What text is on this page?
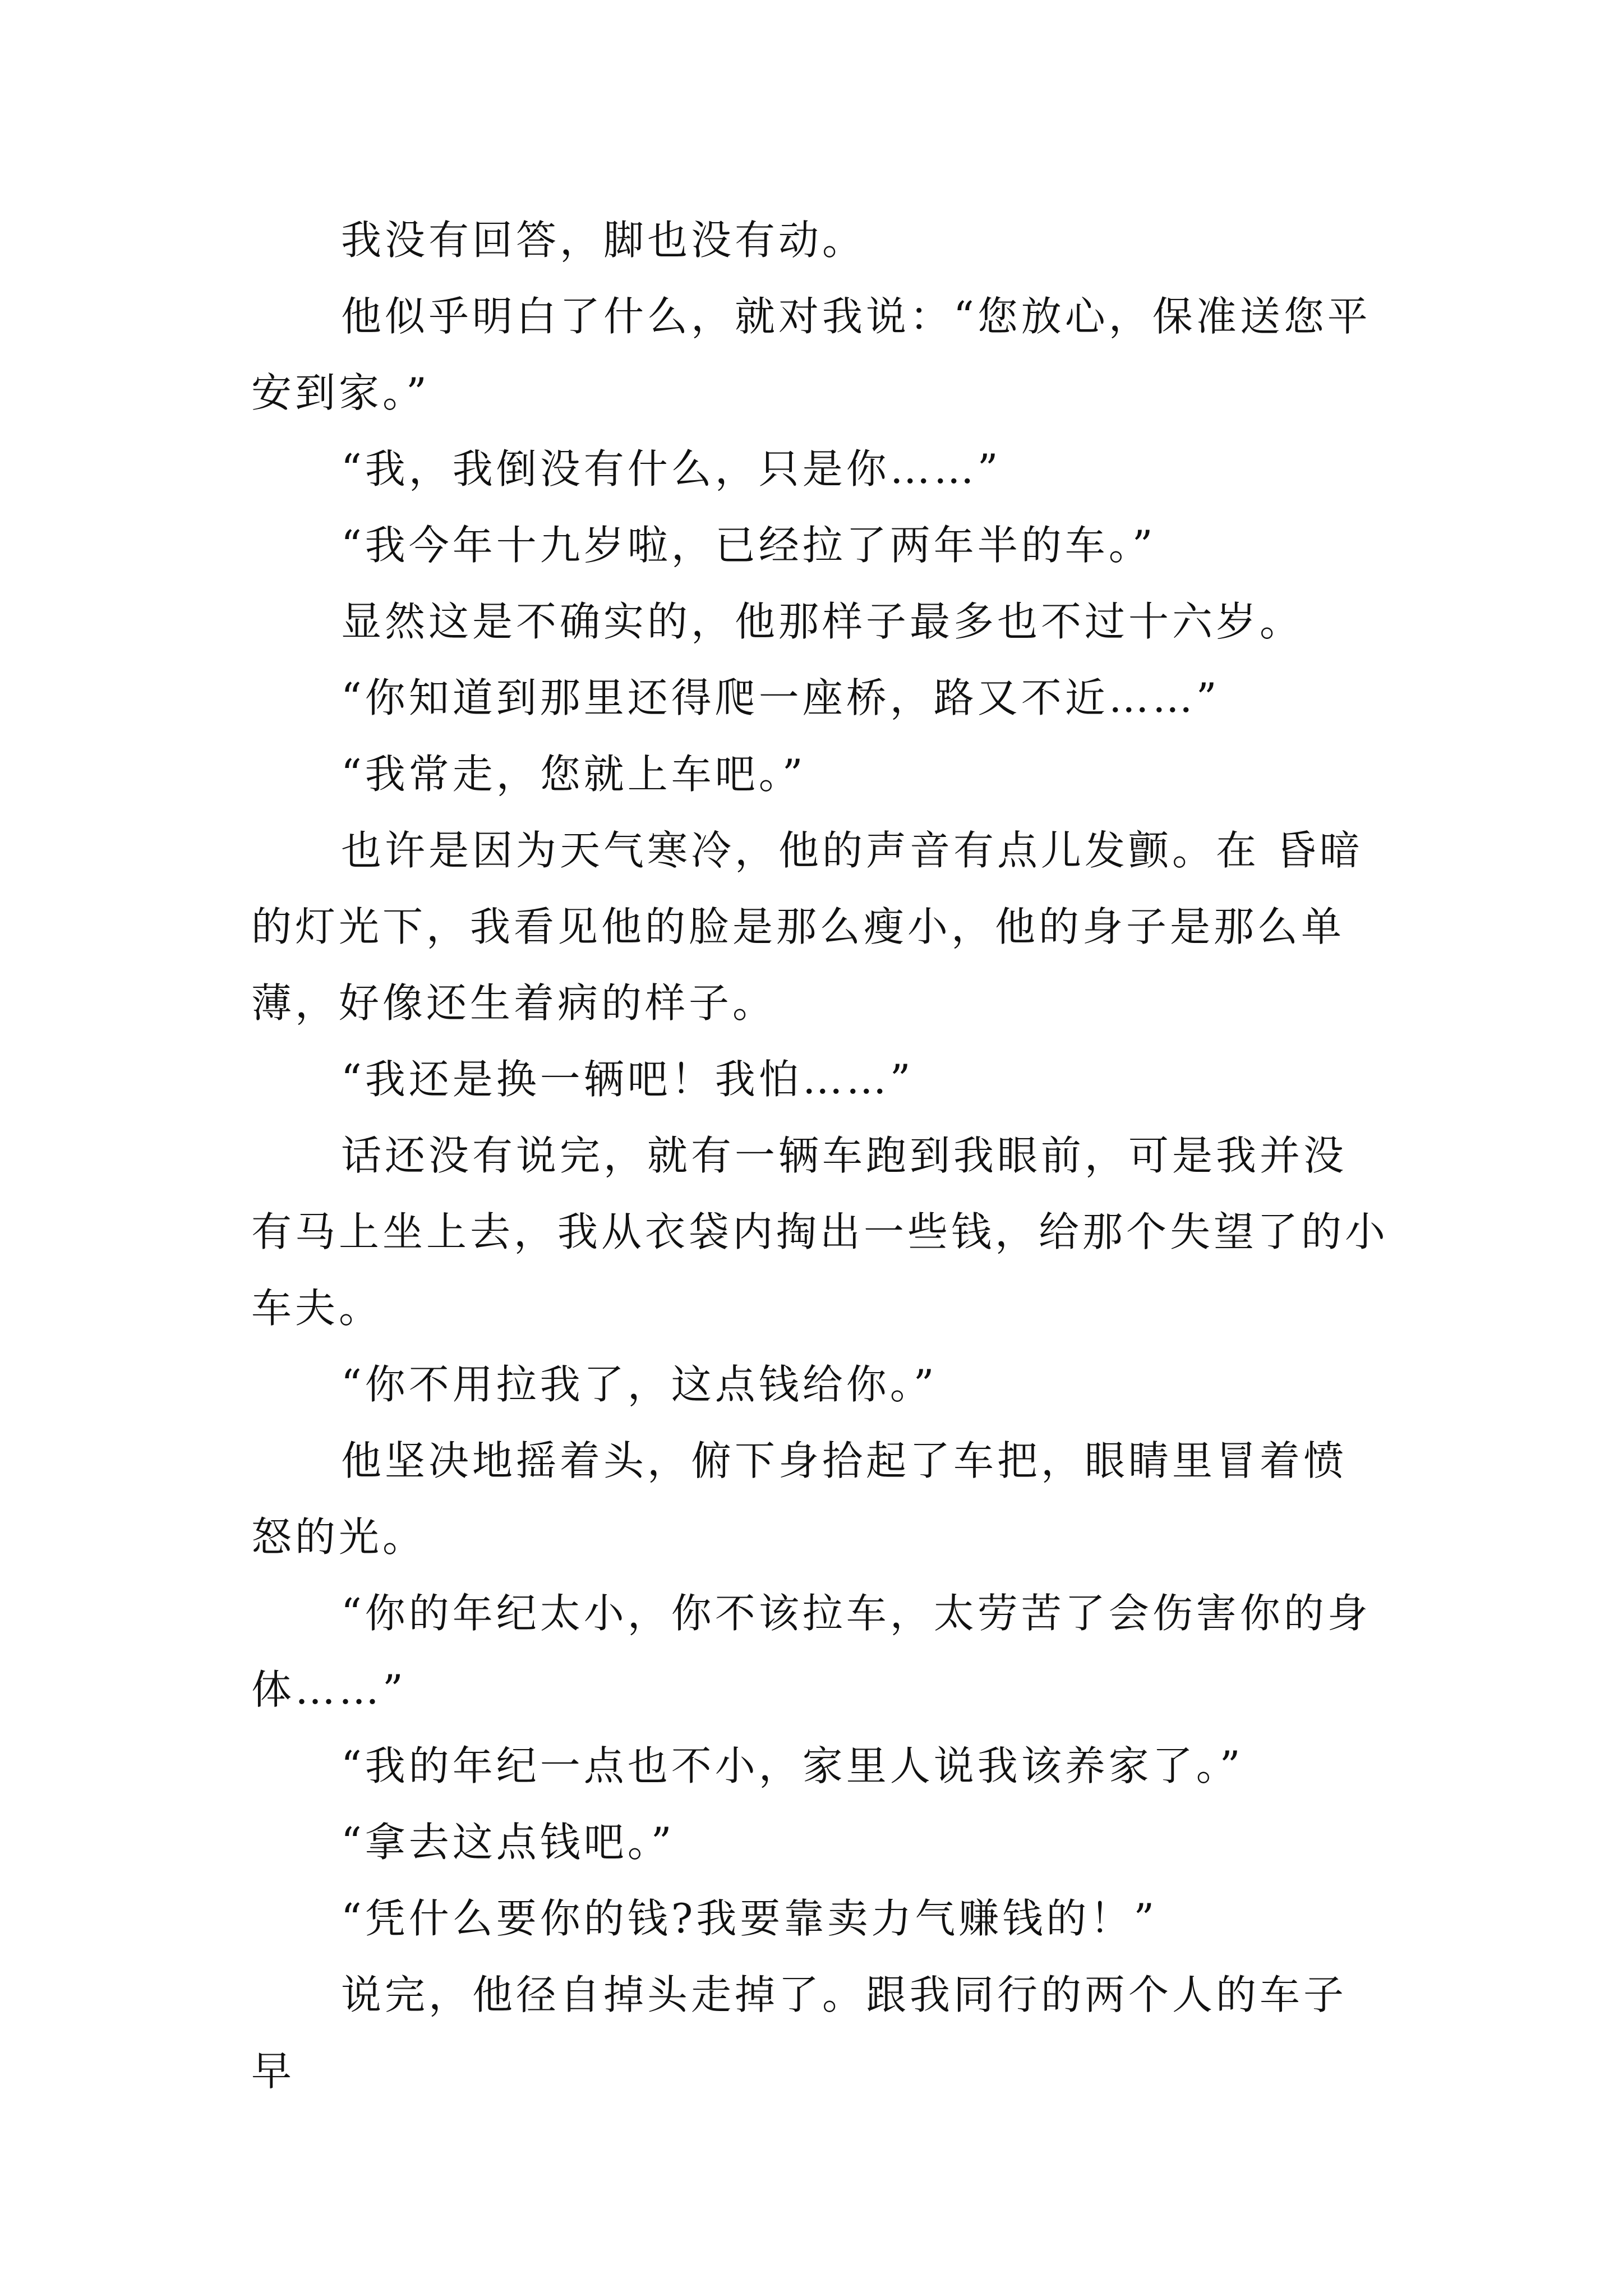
我没有回答，脚也没有动。

他似乎明白了什么，就对我说：“您放心，保准送您平安到家。”

“我，我倒没有什么，只是你……”

“我今年十九岁啦，已经拉了两年半的车。”

显然这是不确实的，他那样子最多也不过十六岁。

“你知道到那里还得爬一座桥，路又不近……”

“我常走，您就上车吧。”

也许是因为天气寒冷，他的声音有点儿发颤。在 昏暗的灯光下，我看见他的脸是那么瘦小，他的身子是那么单薄，好像还生着病的样子。

“我还是换一辆吧！我怕……”

话还没有说完，就有一辆车跑到我眼前，可是我并没有马上坐上去，我从衣袋内掏出一些钱，给那个失望了的小车夫。

“你不用拉我了，这点钱给你。”

他坚决地摇着头，俯下身拾起了车把，眼睛里冒着愤怒的光。

“你的年纪太小，你不该拉车，太劳苦了会伤害你的身体……”

“我的年纪一点也不小，家里人说我该养家了。”

“拿去这点钱吧。”

“凭什么要你的钱?我要靠卖力气赚钱的！”

说完，他径自掉头走掉了。跟我同行的两个人的车子早
